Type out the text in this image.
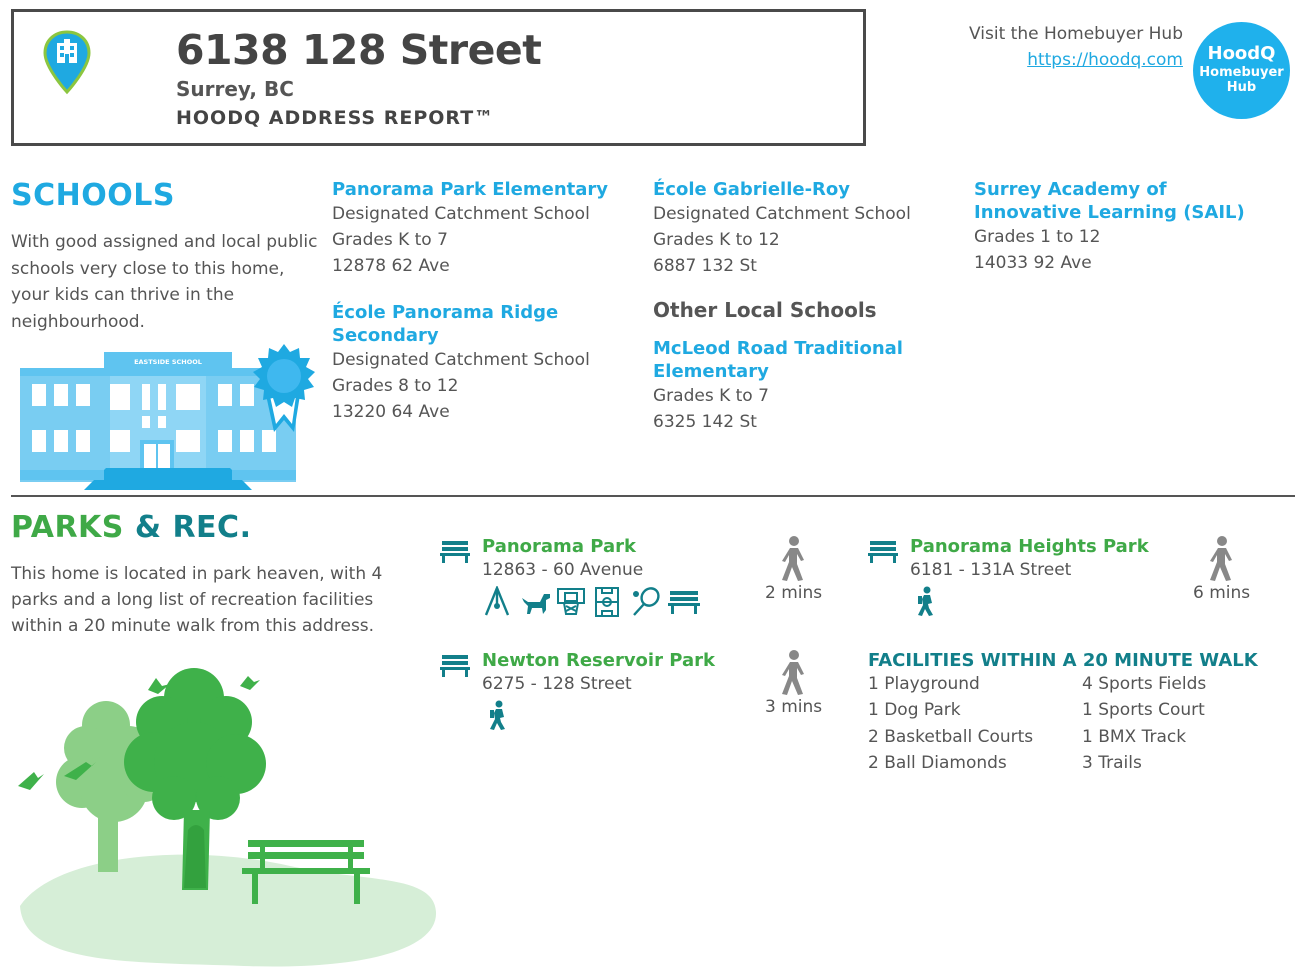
6138 128 Street
Surrey, BC
HOODQ ADDRESS REPORT™
Visit the Homebuyer Hub
https://hoodq.com	HoodQ
Homebuyer
Hub
SCHOOLS
With good assigned and local public schools very close to this home, your kids can thrive in the neighbourhood.
EASTSIDE SCHOOL
Panorama Park Elementary
Designated Catchment School
Grades K to 7
12878 62 Ave
École Gabrielle-Roy
Designated Catchment School
Grades K to 12
6887 132 St
Surrey Academy of Innovative Learning (SAIL)
Grades 1 to 12
14033 92 Ave
École Panorama Ridge Secondary
Designated Catchment School
Grades 8 to 12
13220 64 Ave
Other Local Schools
McLeod Road Traditional Elementary
Grades K to 7
6325 142 St
PARKS & REC.
This home is located in park heaven, with 4 parks and a long list of recreation facilities within a 20 minute walk from this address.
Panorama Park
12863 - 60 Avenue
2 mins
Panorama Heights Park
6181 - 131A Street
6 mins
Newton Reservoir Park
6275 - 128 Street
3 mins
FACILITIES WITHIN A 20 MINUTE WALK
1 Playground
1 Dog Park
2 Basketball Courts
2 Ball Diamonds
4 Sports Fields
1 Sports Court
1 BMX Track
3 Trails
